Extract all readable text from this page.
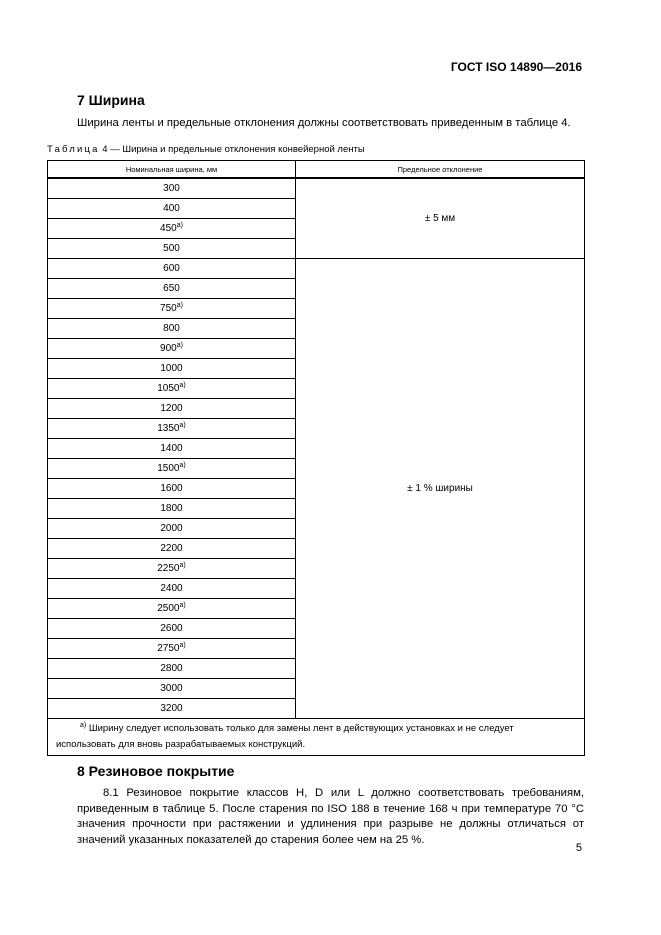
ГОСТ ISO 14890—2016
7 Ширина
Ширина ленты и предельные отклонения должны соответствовать приведенным в таблице 4.
Таблица 4 — Ширина и предельные отклонения конвейерной ленты
Номинальная ширина, мм	Предельное отклонение
300	± 5 мм
400	
450$^{a)}$
500	
600	± 1 % ширины
650	
750$^{a)}$
800	
900$^{a)}$
1000	
1050$^{a)}$
1200	
1350$^{a)}$
1400	
1500$^{a)}$
1600	
1800	
2000	
2200	
2250$^{a)}$
2400	
2500$^{a)}$
2600	
2750$^{a)}$
2800	
3000	
3200	
$^{a)}$ Ширину следует использовать только для замены лент в действующих установках и не следует использовать для вновь разрабатываемых конструкций.	
8 Резиновое покрытие
8.1 Резиновое покрытие классов H, D или L должно соответствовать требованиям, приведенным в таблице 5. После старения по ISO 188 в течение 168 ч при температуре 70 °C значения прочности при растяжении и удлинения при разрыве не должны отличаться от значений указанных показателей до старения более чем на 25 %.
5
